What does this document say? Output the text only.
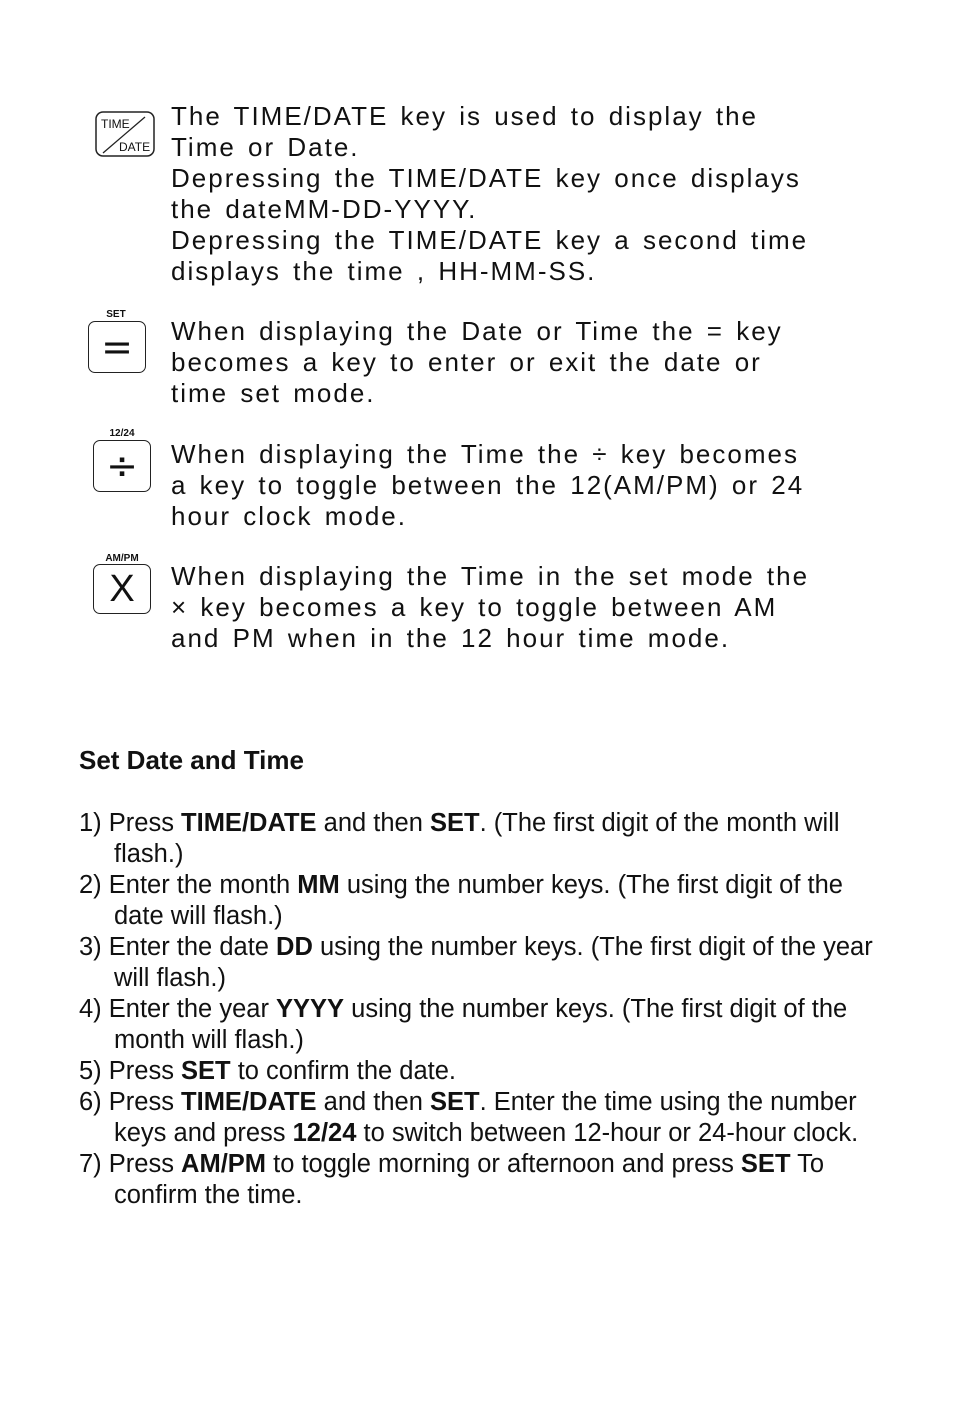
TIME
DATE
The TIME/DATE key is used to display the
Time or Date.
Depressing the TIME/DATE key once displays
the dateMM-DD-YYYY.
Depressing the TIME/DATE key a second time
displays the time , HH-MM-SS.
SET
=	When displaying the Date or Time the = key
becomes a key to enter or exit the date or
time set mode.
12/24
÷	When displaying the Time the ÷ key becomes
a key to toggle between the 12(AM/PM) or 24
hour clock mode.
AM/PM
X	When displaying the Time in the set mode the
× key becomes a key to toggle between AM
and PM when in the 12 hour time mode.
Set Date and Time
1) Press TIME/DATE and then SET. (The first digit of the month will flash.)
2) Enter the month MM using the number keys. (The first digit of the date will flash.)
3) Enter the date DD using the number keys. (The first digit of the year will flash.)
4) Enter the year YYYY using the number keys. (The first digit of the month will flash.)
5) Press SET to confirm the date.
6) Press TIME/DATE and then SET. Enter the time using the number keys and press 12/24 to switch between 12-hour or 24-hour clock.
7) Press AM/PM to toggle morning or afternoon and press SET To confirm the time.
